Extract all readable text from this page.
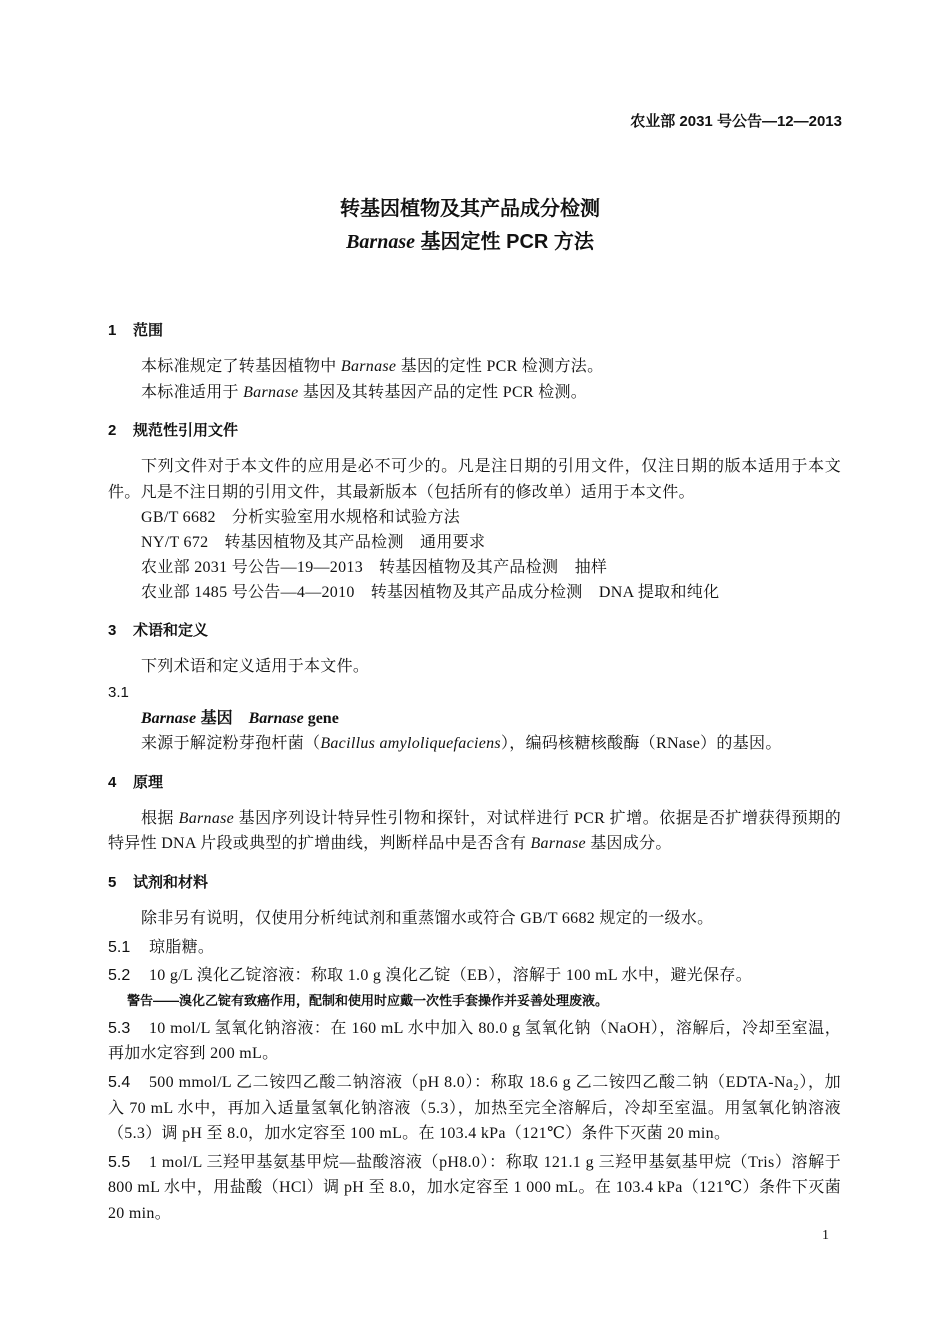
农业部 2031 号公告—12—2013
转基因植物及其产品成分检测
Barnase 基因定性 PCR 方法
1 范围

本标准规定了转基因植物中 Barnase 基因的定性 PCR 检测方法。

本标准适用于 Barnase 基因及其转基因产品的定性 PCR 检测。

2 规范性引用文件

下列文件对于本文件的应用是必不可少的。凡是注日期的引用文件，仅注日期的版本适用于本文件。凡是不注日期的引用文件，其最新版本（包括所有的修改单）适用于本文件。

GB/T 6682 分析实验室用水规格和试验方法
NY/T 672 转基因植物及其产品检测　通用要求
农业部 2031 号公告—19—2013 转基因植物及其产品检测　抽样
农业部 1485 号公告—4—2010 转基因植物及其产品成分检测　DNA 提取和纯化
3 术语和定义

下列术语和定义适用于本文件。

3.1
Barnase 基因 Barnase gene

来源于解淀粉芽孢杆菌（Bacillus amyloliquefaciens），编码核糖核酸酶（RNase）的基因。

4 原理

根据 Barnase 基因序列设计特异性引物和探针，对试样进行 PCR 扩增。依据是否扩增获得预期的特异性 DNA 片段或典型的扩增曲线，判断样品中是否含有 Barnase 基因成分。

5 试剂和材料

除非另有说明，仅使用分析纯试剂和重蒸馏水或符合 GB/T 6682 规定的一级水。

5.1 琼脂糖。

5.2 10 g/L 溴化乙锭溶液：称取 1.0 g 溴化乙锭（EB），溶解于 100 mL 水中，避光保存。

警告——溴化乙锭有致癌作用，配制和使用时应戴一次性手套操作并妥善处理废液。

5.3 10 mol/L 氢氧化钠溶液：在 160 mL 水中加入 80.0 g 氢氧化钠（NaOH），溶解后，冷却至室温，再加水定容到 200 mL。

5.4 500 mmol/L 乙二铵四乙酸二钠溶液（pH 8.0）：称取 18.6 g 乙二铵四乙酸二钠（EDTA-Na₂），加入 70 mL 水中，再加入适量氢氧化钠溶液（5.3），加热至完全溶解后，冷却至室温。用氢氧化钠溶液（5.3）调 pH 至 8.0，加水定容至 100 mL。在 103.4 kPa（121℃）条件下灭菌 20 min。

5.5 1 mol/L 三羟甲基氨基甲烷—盐酸溶液（pH8.0）：称取 121.1 g 三羟甲基氨基甲烷（Tris）溶解于 800 mL 水中，用盐酸（HCl）调 pH 至 8.0，加水定容至 1 000 mL。在 103.4 kPa（121℃）条件下灭菌 20 min。

1
